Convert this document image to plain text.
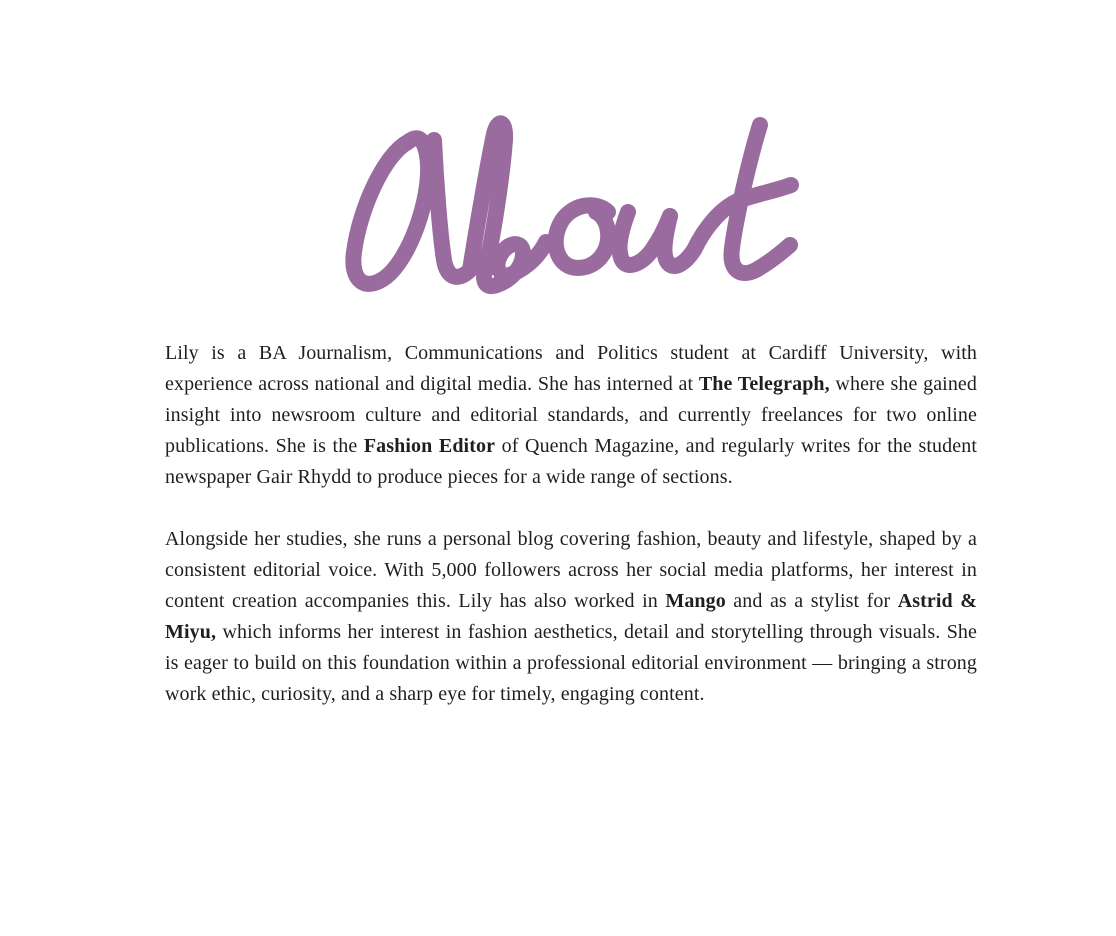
Lily is a BA Journalism, Communications and Politics student at Cardiff University, with experience across national and digital media. She has interned at The Telegraph, where she gained insight into newsroom culture and editorial standards, and currently freelances for two online publications. She is the Fashion Editor of Quench Magazine, and regularly writes for the student newspaper Gair Rhydd to produce pieces for a wide range of sections.

Alongside her studies, she runs a personal blog covering fashion, beauty and lifestyle, shaped by a consistent editorial voice. With 5,000 followers across her social media platforms, her interest in content creation accompanies this. Lily has also worked in Mango and as a stylist for Astrid & Miyu, which informs her interest in fashion aesthetics, detail and storytelling through visuals. She is eager to build on this foundation within a professional editorial environment — bringing a strong work ethic, curiosity, and a sharp eye for timely, engaging content.
